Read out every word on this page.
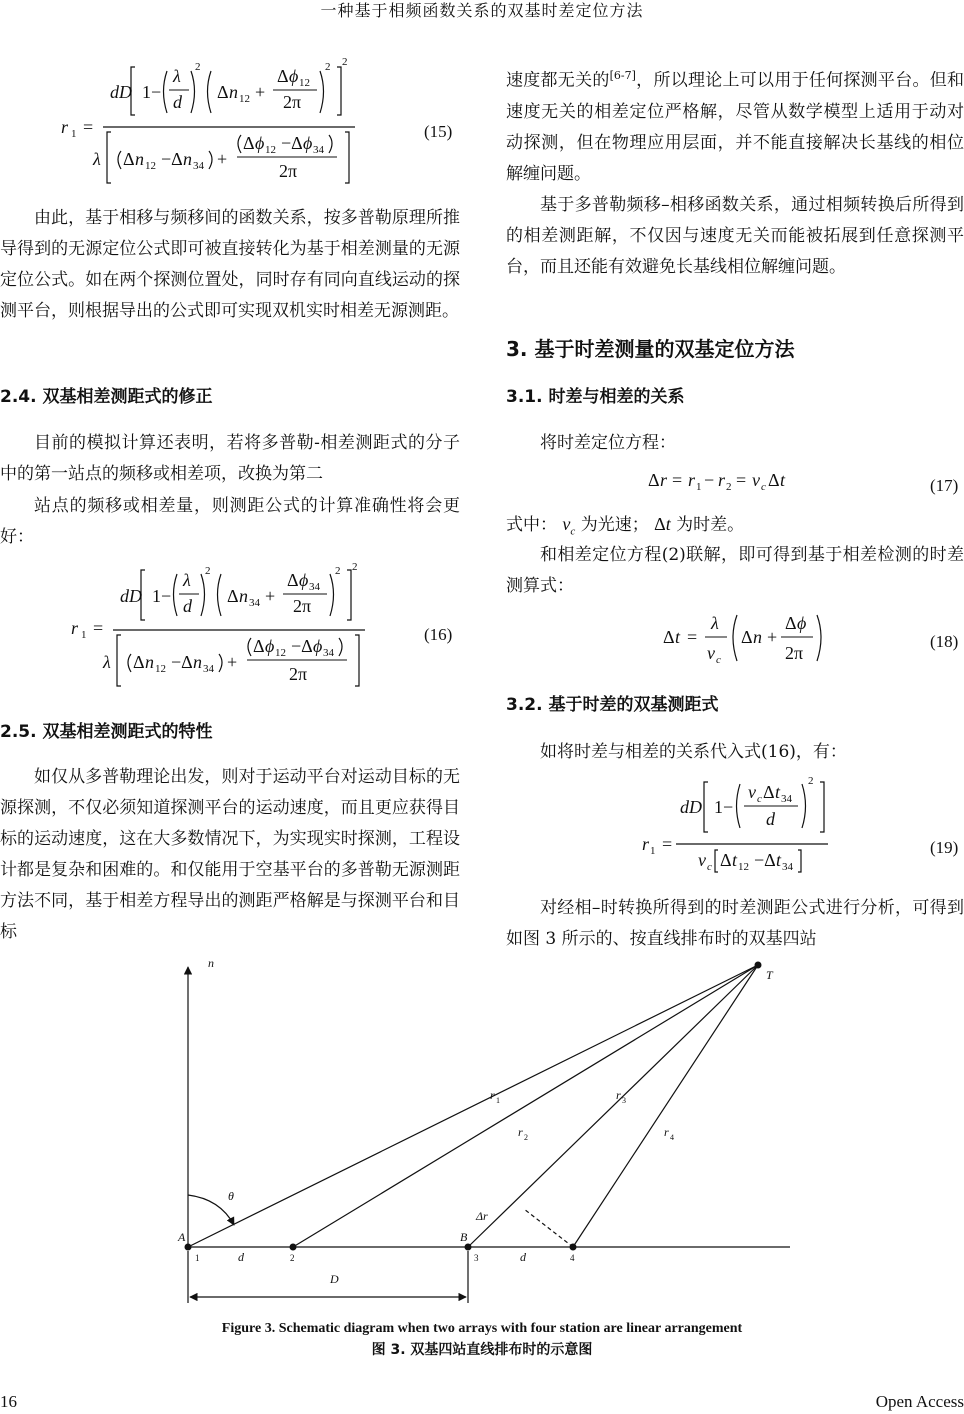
一种基于相频函数关系的双基时差定位方法
r 1 =
dD 1−
λ
d
2
Δ n 12 +
Δ ϕ 12
2π
2 2
λ Δ n 12 −Δ n 34 +
Δ ϕ 12 −Δ ϕ 34
2π
(15)

由此，基于相移与频移间的函数关系，按多普勒原理所推导得到的无源定位公式即可被直接转化为基于相差测量的无源定位公式。如在两个探测位置处，同时存有同向直线运动的探测平台，则根据导出的公式即可实现双机实时相差无源测距。

2.4. 双基相差测距式的修正

目前的模拟计算还表明，若将多普勒-相差测距式的分子中的第一站点的频移或相差项，改换为第二

站点的频移或相差量，则测距公式的计算准确性将会更好：

r 1 =
dD 1−
λ
d
2
Δ n 34 +
Δ ϕ 34
2π
2 2
λ Δ n 12 −Δ n 34 +
Δ ϕ 12 −Δ ϕ 34
2π
(16)
2.5. 双基相差测距式的特性

如仅从多普勒理论出发，则对于运动平台对运动目标的无源探测，不仅必须知道探测平台的运动速度，而且更应获得目标的运动速度，这在大多数情况下，为实现实时探测，工程设计都是复杂和困难的。和仅能用于空基平台的多普勒无源测距方法不同，基于相差方程导出的测距严格解是与探测平台和目标

速度都无关的[6-7]，所以理论上可以用于任何探测平台。但和速度无关的相差定位严格解，尽管从数学模型上适用于动对动探测，但在物理应用层面，并不能直接解决长基线的相位解缠问题。

基于多普勒频移–相移函数关系，通过相频转换后所得到的相差测距解，不仅因与速度无关而能被拓展到任意探测平台，而且还能有效避免长基线相位解缠问题。

3. 基于时差测量的双基定位方法
3.1. 时差与相差的关系

将时差定位方程：

Δ r = r 1 − r 2 = v c Δ t	(17)
式中： $v_c$ 为光速； Δt 为时差。

和相差定位方程(2)联解，即可得到基于相差检测的时差测算式：

Δ t =
λ
v c
Δ n +
Δ ϕ
2π
(18)
3.2. 基于时差的双基测距式

如将时差与相差的关系代入式(16)，有：

r 1 =
dD 1−
v c Δ t 34
d
2
v c Δ t 12 −Δ t 34
(19)

对经相–时转换所得到的时差测距公式进行分析，可得到如图 3 所示的、按直线排布时的双基四站

n
T
r 1
r 2
r 3
r 4
θ
Δr
A	B
d	d
D
1	2	3	4
Figure 3. Schematic diagram when two arrays with four station are linear arrangement
图 3. 双基四站直线排布时的示意图
16	Open Access
